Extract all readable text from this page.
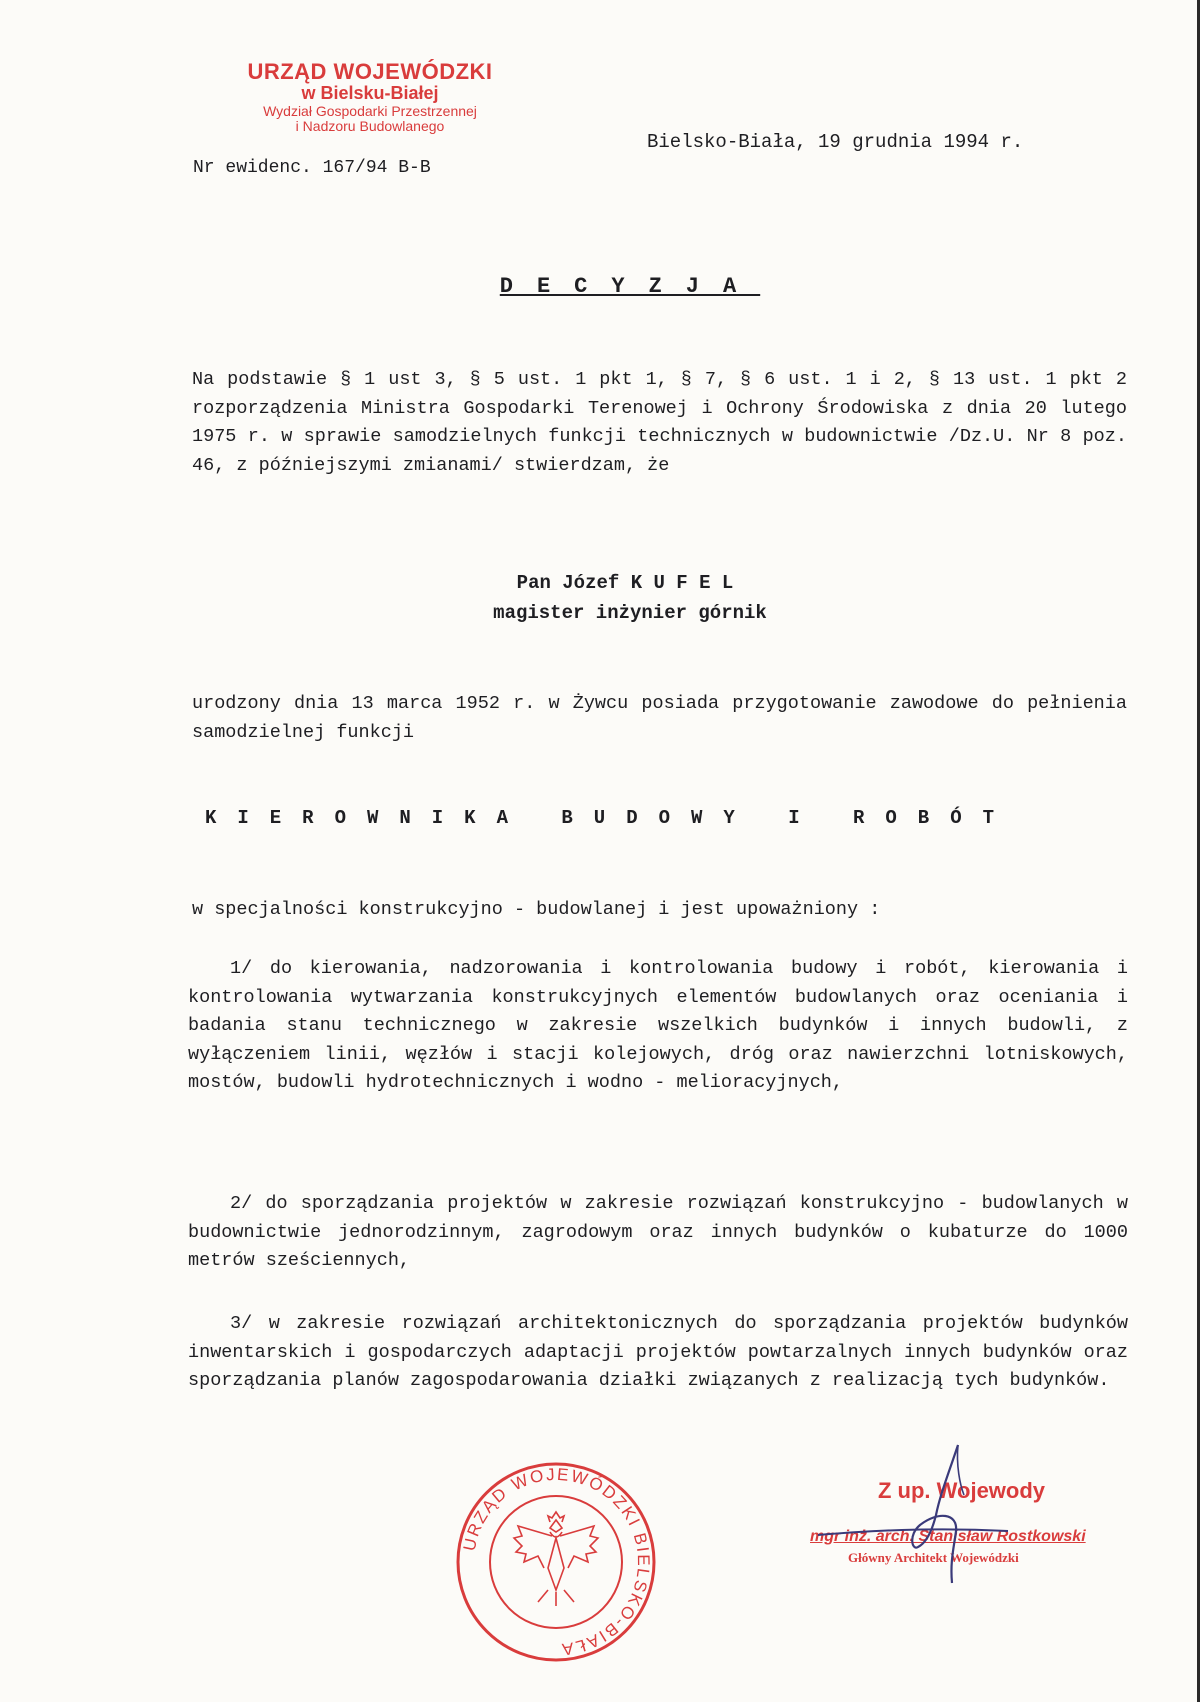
URZĄD WOJEWÓDZKI
w Bielsku-Białej
Wydział Gospodarki Przestrzennej
i Nadzoru Budowlanego
Bielsko-Biała, 19 grudnia 1994 r.
Nr ewidenc. 167/94 B-B
DECYZJA
Na podstawie § 1 ust 3, § 5 ust. 1 pkt 1, § 7, § 6 ust. 1 i 2, § 13 ust. 1 pkt 2 rozporządzenia Ministra Gospodarki Terenowej i Ochrony Środowiska z dnia 20 lutego 1975 r. w sprawie samodzielnych funkcji technicznych w budownictwie /Dz.U. Nr 8 poz. 46, z późniejszymi zmianami/ stwierdzam, że
Pan Józef K U F E L
magister inżynier górnik
urodzony dnia 13 marca 1952 r. w Żywcu posiada przygotowanie zawodowe do pełnienia samodzielnej funkcji
KIEROWNIKA BUDOWY I ROBÓT
w specjalności konstrukcyjno - budowlanej i jest upoważniony :
1/ do kierowania, nadzorowania i kontrolowania budowy i robót, kierowania i kontrolowania wytwarzania konstrukcyjnych elementów budowlanych oraz oceniania i badania stanu technicznego w zakresie wszelkich budynków i innych budowli, z wyłączeniem linii, węzłów i stacji kolejowych, dróg oraz nawierzchni lotniskowych, mostów, budowli hydrotechnicznych i wodno - melioracyjnych,
2/ do sporządzania projektów w zakresie rozwiązań konstrukcyjno - budowlanych w budownictwie jednorodzinnym, zagrodowym oraz innych budynków o kubaturze do 1000 metrów sześciennych,
3/ w zakresie rozwiązań architektonicznych do sporządzania projektów budynków inwentarskich i gospodarczych adaptacji projektów powtarzalnych innych budynków oraz sporządzania planów zagospodarowania działki związanych z realizacją tych budynków.
URZĄD WOJEWÓDZKI BIELSKO-BIAŁA
Z up. Wojewody
mgr inż. arch. Stanisław Rostkowski
Główny Architekt Wojewódzki
